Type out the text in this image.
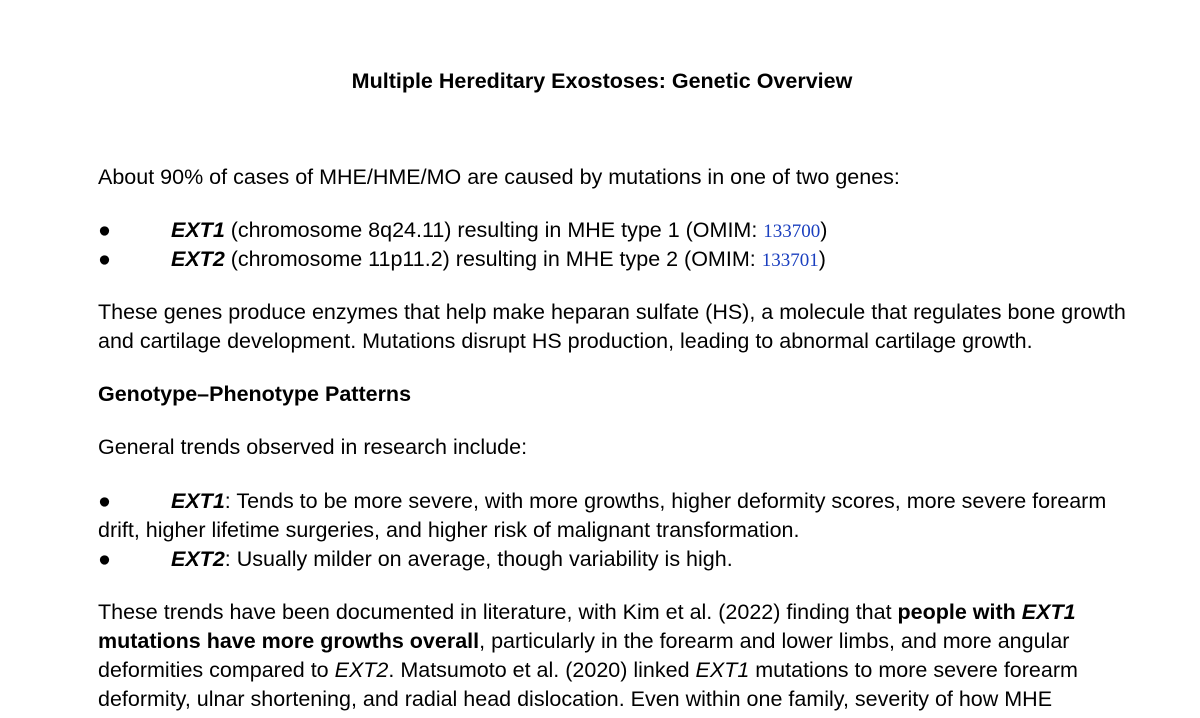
Multiple Hereditary Exostoses: Genetic Overview

About 90% of cases of MHE/HME/MO are caused by mutations in one of two genes:

●	EXT1 (chromosome 8q24.11) resulting in MHE type 1 (OMIM: 133700)
●	EXT2 (chromosome 11p11.2) resulting in MHE type 2 (OMIM: 133701)

These genes produce enzymes that help make heparan sulfate (HS), a molecule that regulates bone growth and cartilage development. Mutations disrupt HS production, leading to abnormal cartilage growth.

Genotype–Phenotype Patterns

General trends observed in research include:

●	EXT1: Tends to be more severe, with more growths, higher deformity scores, more severe forearm drift, higher lifetime surgeries, and higher risk of malignant transformation.
●	EXT2: Usually milder on average, though variability is high.

These trends have been documented in literature, with Kim et al. (2022) finding that people with EXT1 mutations have more growths overall, particularly in the forearm and lower limbs, and more angular deformities compared to EXT2. Matsumoto et al. (2020) linked EXT1 mutations to more severe forearm deformity, ulnar shortening, and radial head dislocation. Even within one family, severity of how MHE
